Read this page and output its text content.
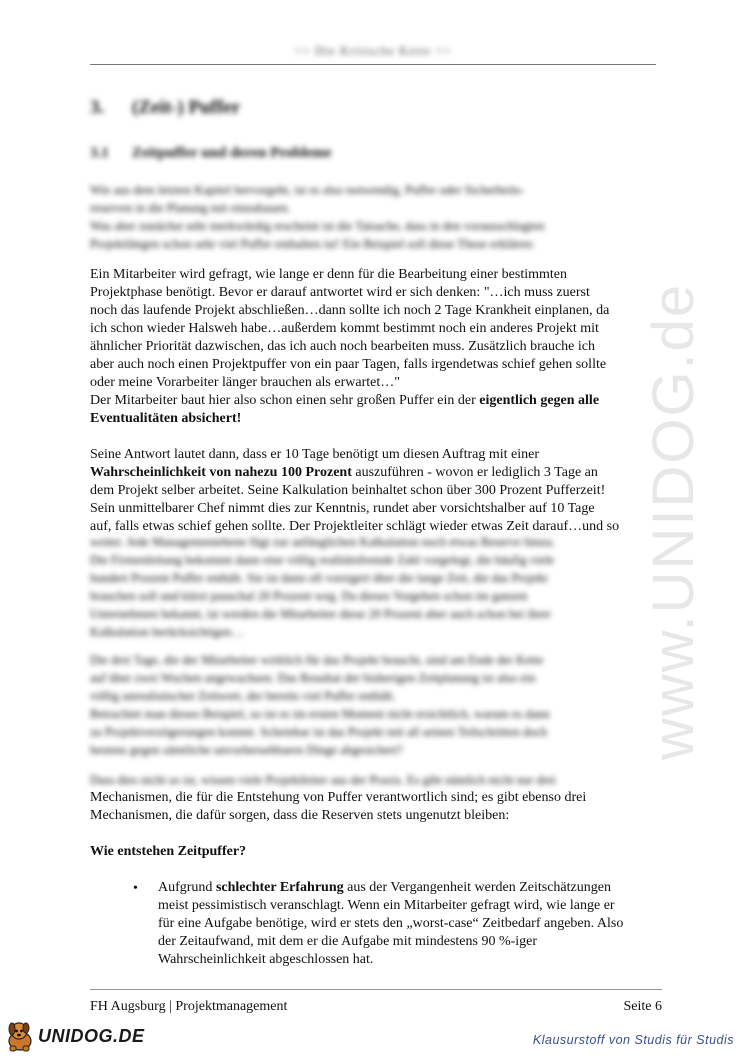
>> Die Kritische Kette <<
3. (Zeit-) Puffer
3.1 Zeitpuffer und deren Probleme

Wie aus dem letzten Kapitel hervorgeht, ist es also notwendig, Puffer oder Sicherheits-
reserven in die Planung mit einzubauen.
Was aber zunächst sehr merkwürdig erscheint ist die Tatsache, dass in den vorausschlagten
Projektlängen schon sehr viel Puffer enthalten ist! Ein Beispiel soll diese These erklären:

Ein Mitarbeiter wird gefragt, wie lange er denn für die Bearbeitung einer bestimmten
Projektphase benötigt. Bevor er darauf antwortet wird er sich denken: "…ich muss zuerst
noch das laufende Projekt abschließen…dann sollte ich noch 2 Tage Krankheit einplanen, da
ich schon wieder Halsweh habe…außerdem kommt bestimmt noch ein anderes Projekt mit
ähnlicher Priorität dazwischen, das ich auch noch bearbeiten muss. Zusätzlich brauche ich
aber auch noch einen Projektpuffer von ein paar Tagen, falls irgendetwas schief gehen sollte
oder meine Vorarbeiter länger brauchen als erwartet…"
Der Mitarbeiter baut hier also schon einen sehr großen Puffer ein der eigentlich gegen alle
Eventualitäten absichert!

Seine Antwort lautet dann, dass er 10 Tage benötigt um diesen Auftrag mit einer
Wahrscheinlichkeit von nahezu 100 Prozent auszuführen - wovon er lediglich 3 Tage an
dem Projekt selber arbeitet. Seine Kalkulation beinhaltet schon über 300 Prozent Pufferzeit!
Sein unmittelbarer Chef nimmt dies zur Kenntnis, rundet aber vorsichtshalber auf 10 Tage
auf, falls etwas schief gehen sollte. Der Projektleiter schlägt wieder etwas Zeit darauf…und so

weiter. Jede Managementebene fügt zur anfänglichen Kalkulation noch etwas Reserve hinzu.
Die Firmenleitung bekommt dann eine völlig realitätsfremde Zahl vorgelegt, die häufig viele
hundert Prozent Puffer enthält. Sie ist dann oft vorsigert über die lange Zeit, die das Projekt
brauchen soll und kürzt pauschal 20 Prozent weg. Da dieses Vorgehen schon im ganzen
Unternehmen bekannt, ist werden die Mitarbeiter diese 20 Prozent aber auch schon bei ihrer
Kalkulation berücksichtigen…

Die drei Tage, die der Mitarbeiter wirklich für das Projekt braucht, sind am Ende der Kette
auf über zwei Wochen angewachsen. Das Resultat der bisherigen Zeitplanung ist also ein
völlig unrealistischer Zeitwert, der bereits viel Puffer enthält.
Betrachtet man dieses Beispiel, so ist es im ersten Moment nicht ersichtlich, warum es dann
zu Projektverzögerungen kommt. Scheinbar ist das Projekt mit all seinen Teilschritten doch
bestens gegen sämtliche unvorhersehbaren Dinge abgesichert?

Dass dies nicht so ist, wissen viele Projektleiter aus der Praxis. Es gibt nämlich nicht nur drei

Mechanismen, die für die Entstehung von Puffer verantwortlich sind; es gibt ebenso drei
Mechanismen, die dafür sorgen, dass die Reserven stets ungenutzt bleiben:

Wie entstehen Zeitpuffer?
• Aufgrund schlechter Erfahrung aus der Vergangenheit werden Zeitschätzungen
meist pessimistisch veranschlagt. Wenn ein Mitarbeiter gefragt wird, wie lange er
für eine Aufgabe benötige, wird er stets den „worst-case“ Zeitbedarf angeben. Also
der Zeitaufwand, mit dem er die Aufgabe mit mindestens 90 %-iger
Wahrscheinlichkeit abgeschlossen hat.
FH Augsburg | Projektmanagement	Seite 6
www.UNIDOG.de
UNIDOG.DE	Klausurstoff von Studis für Studis
